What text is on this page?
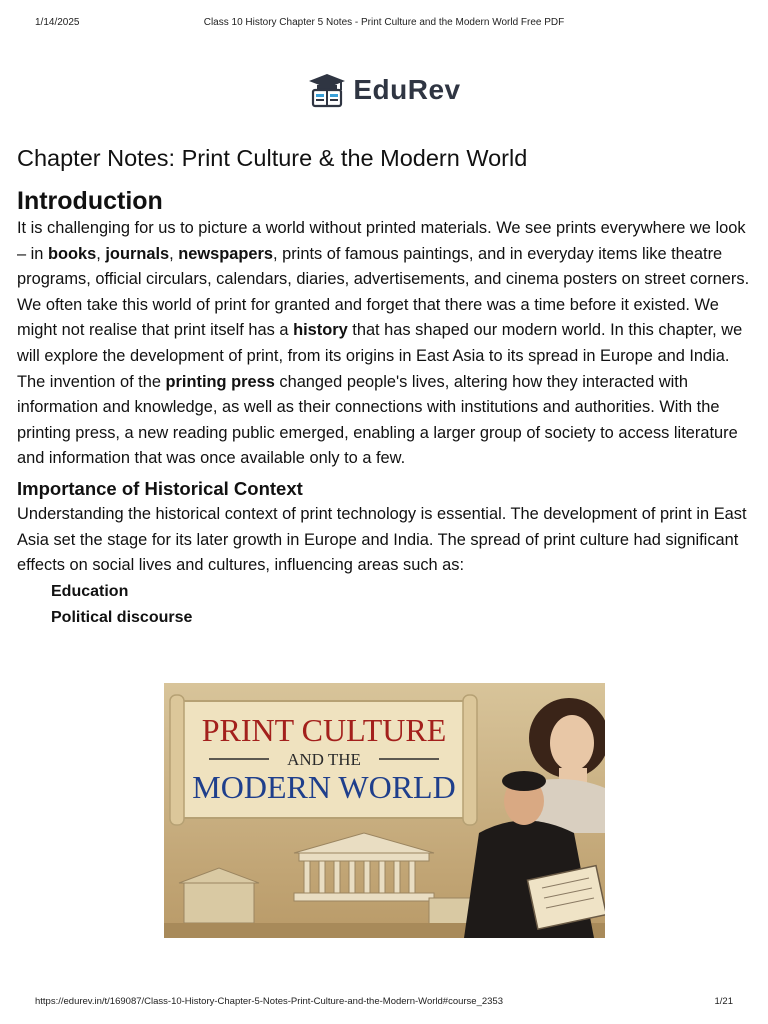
1/14/2025	Class 10 History Chapter 5 Notes - Print Culture and the Modern World Free PDF
EduRev
Chapter Notes: Print Culture & the Modern World
Introduction

It is challenging for us to picture a world without printed materials. We see prints everywhere we look – in books, journals, newspapers, prints of famous paintings, and in everyday items like theatre programs, official circulars, calendars, diaries, advertisements, and cinema posters on street corners. We often take this world of print for granted and forget that there was a time before it existed. We might not realise that print itself has a history that has shaped our modern world. In this chapter, we will explore the development of print, from its origins in East Asia to its spread in Europe and India.

The invention of the printing press changed people's lives, altering how they interacted with information and knowledge, as well as their connections with institutions and authorities. With the printing press, a new reading public emerged, enabling a larger group of society to access literature and information that was once available only to a few.

Importance of Historical Context

Understanding the historical context of print technology is essential. The development of print in East Asia set the stage for its later growth in Europe and India. The spread of print culture had significant effects on social lives and cultures, influencing areas such as:

Education
Political discourse
PRINT CULTURE
AND THE
MODERN WORLD
https://edurev.in/t/169087/Class-10-History-Chapter-5-Notes-Print-Culture-and-the-Modern-World#course_2353	1/21
